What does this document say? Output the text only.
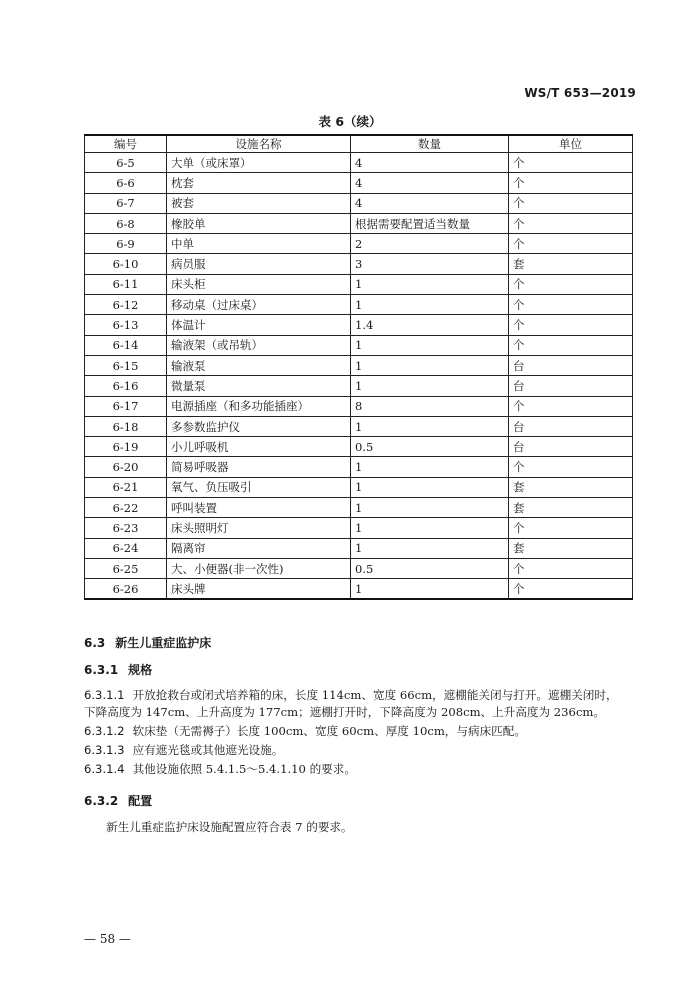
WS/T 653—2019
表 6（续）
编号	设施名称	数量	单位
6-5	大单（或床罩）	4	个
6-6	枕套	4	个
6-7	被套	4	个
6-8	橡胶单	根据需要配置适当数量	个
6-9	中单	2	个
6-10	病员服	3	套
6-11	床头柜	1	个
6-12	移动桌（过床桌）	1	个
6-13	体温计	1.4	个
6-14	输液架（或吊轨）	1	个
6-15	输液泵	1	台
6-16	微量泵	1	台
6-17	电源插座（和多功能插座）	8	个
6-18	多参数监护仪	1	台
6-19	小儿呼吸机	0.5	台
6-20	简易呼吸器	1	个
6-21	氧气、负压吸引	1	套
6-22	呼叫装置	1	套
6-23	床头照明灯	1	个
6-24	隔离帘	1	套
6-25	大、小便器(非一次性)	0.5	个
6-26	床头牌	1	个
6.3 新生儿重症监护床
6.3.1 规格
6.3.1.1 开放抢救台或闭式培养箱的床，长度 114cm、宽度 66cm，遮棚能关闭与打开。遮棚关闭时，
下降高度为 147cm、上升高度为 177cm；遮棚打开时，下降高度为 208cm、上升高度为 236cm。
6.3.1.2 软床垫（无需褥子）长度 100cm、宽度 60cm、厚度 10cm，与病床匹配。
6.3.1.3 应有遮光毯或其他遮光设施。
6.3.1.4 其他设施依照 5.4.1.5～5.4.1.10 的要求。
6.3.2 配置
新生儿重症监护床设施配置应符合表 7 的要求。
— 58 —
